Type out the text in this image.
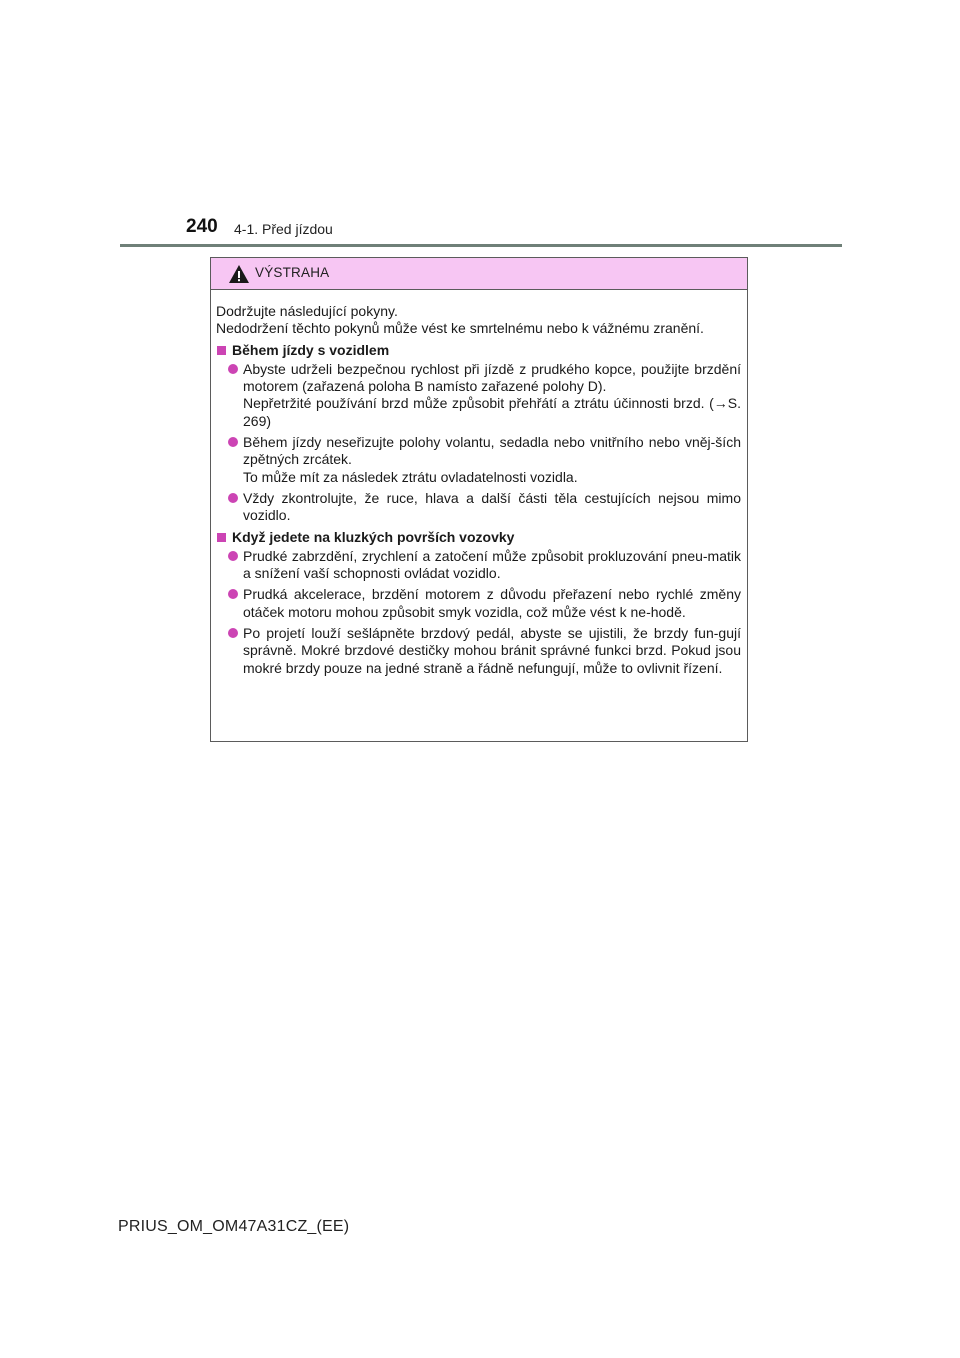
240 4-1. Před jízdou
VÝSTRAHA

Dodržujte následující pokyny.

Nedodržení těchto pokynů může vést ke smrtelnému nebo k vážnému zranění.

Během jízdy s vozidlem
Abyste udrželi bezpečnou rychlost při jízdě z prudkého kopce, použijte brzdění motorem (zařazená poloha B namísto zařazené polohy D).
Nepřetržité používání brzd může způsobit přehřátí a ztrátu účinnosti brzd. (→S. 269)
Během jízdy neseřizujte polohy volantu, sedadla nebo vnitřního nebo vněj-ších zpětných zrcátek.
To může mít za následek ztrátu ovladatelnosti vozidla.
Vždy zkontrolujte, že ruce, hlava a další části těla cestujících nejsou mimo vozidlo.
Když jedete na kluzkých površích vozovky
Prudké zabrzdění, zrychlení a zatočení může způsobit prokluzování pneu-matik a snížení vaší schopnosti ovládat vozidlo.
Prudká akcelerace, brzdění motorem z důvodu přeřazení nebo rychlé změny otáček motoru mohou způsobit smyk vozidla, což může vést k ne-hodě.
Po projetí louží sešlápněte brzdový pedál, abyste se ujistili, že brzdy fun-gují správně. Mokré brzdové destičky mohou bránit správné funkci brzd. Pokud jsou mokré brzdy pouze na jedné straně a řádně nefungují, může to ovlivnit řízení.
PRIUS_OM_OM47A31CZ_(EE)
